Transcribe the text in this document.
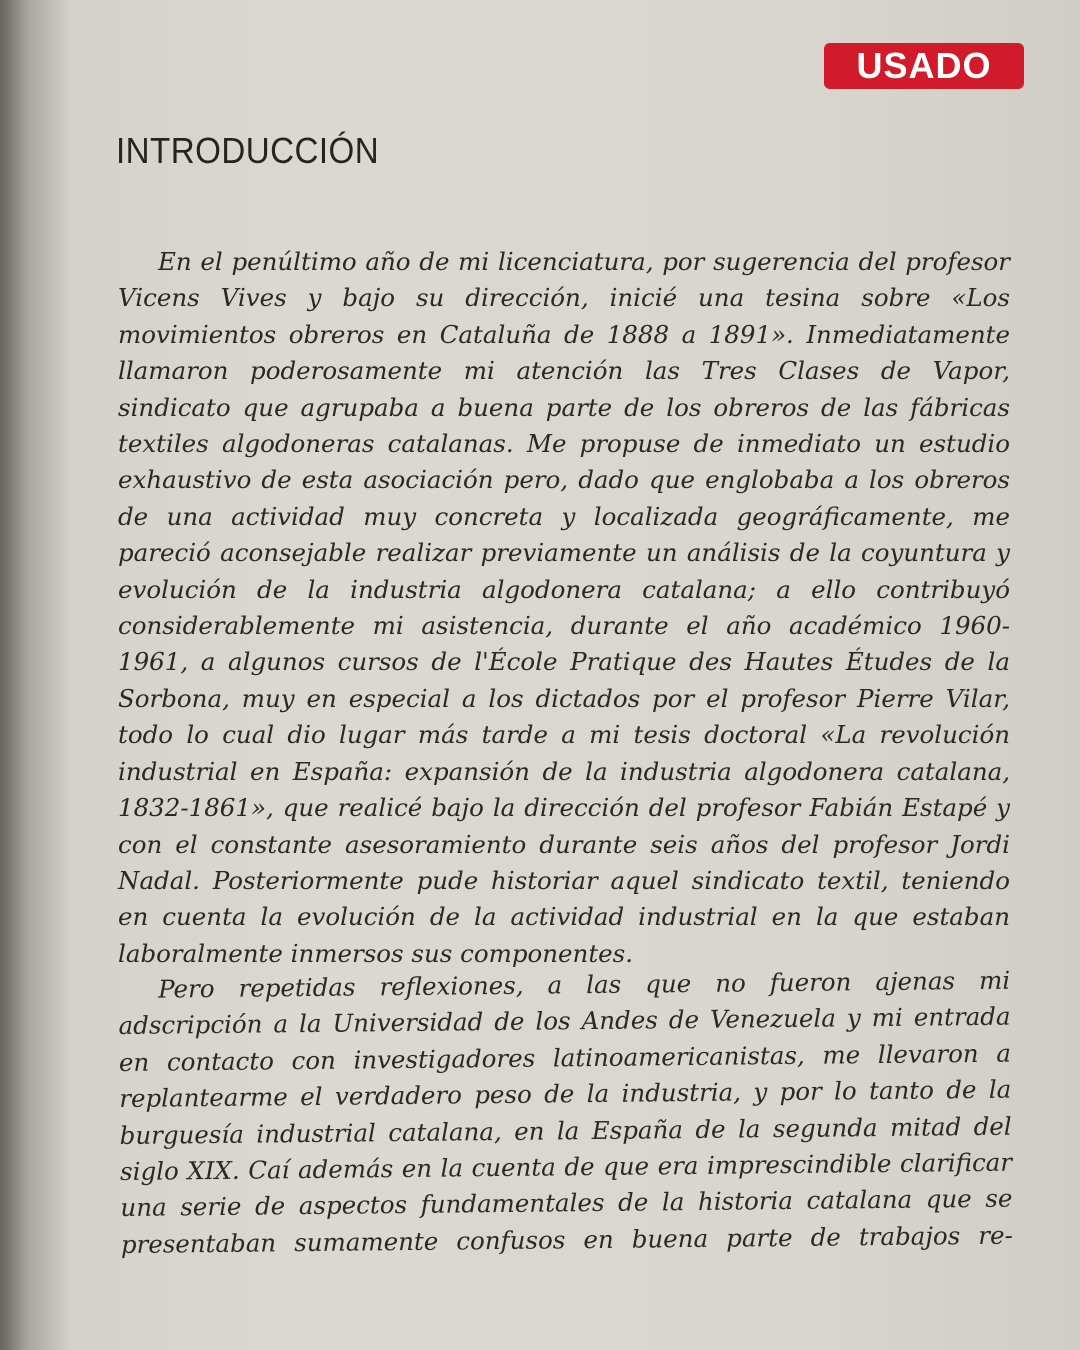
USADO
INTRODUCCIÓN

En el penúltimo año de mi licenciatura, por sugerencia del profesor Vicens Vives y bajo su dirección, inicié una tesina sobre «Los movimientos obreros en Cataluña de 1888 a 1891». Inmediatamente llamaron poderosamente mi atención las Tres Clases de Vapor, sindicato que agrupaba a buena parte de los obreros de las fábricas textiles algodoneras catalanas. Me propuse de inmediato un estudio exhaustivo de esta asociación pero, dado que englobaba a los obreros de una actividad muy concreta y localizada geográficamente, me pareció aconsejable realizar previamente un análisis de la coyuntura y evolución de la industria algodonera catalana; a ello contribuyó considerablemente mi asistencia, durante el año académico 1960-1961, a algunos cursos de l'École Pratique des Hautes Études de la Sorbona, muy en especial a los dictados por el profesor Pierre Vilar, todo lo cual dio lugar más tarde a mi tesis doctoral «La revolución industrial en España: expansión de la industria algodonera catalana, 1832-1861», que realicé bajo la dirección del profesor Fabián Estapé y con el constante asesoramiento durante seis años del profesor Jordi Nadal. Posteriormente pude historiar aquel sindicato textil, teniendo en cuenta la evolución de la actividad industrial en la que estaban laboralmente inmersos sus componentes.

Pero repetidas reflexiones, a las que no fueron ajenas mi adscripción a la Universidad de los Andes de Venezuela y mi entrada en contacto con investigadores latinoamericanistas, me llevaron a replantearme el verdadero peso de la industria, y por lo tanto de la burguesía industrial catalana, en la España de la segunda mitad del siglo XIX. Caí además en la cuenta de que era imprescindible clarificar una serie de aspectos fundamentales de la historia catalana que se presentaban sumamente confusos en buena parte de trabajos re-
